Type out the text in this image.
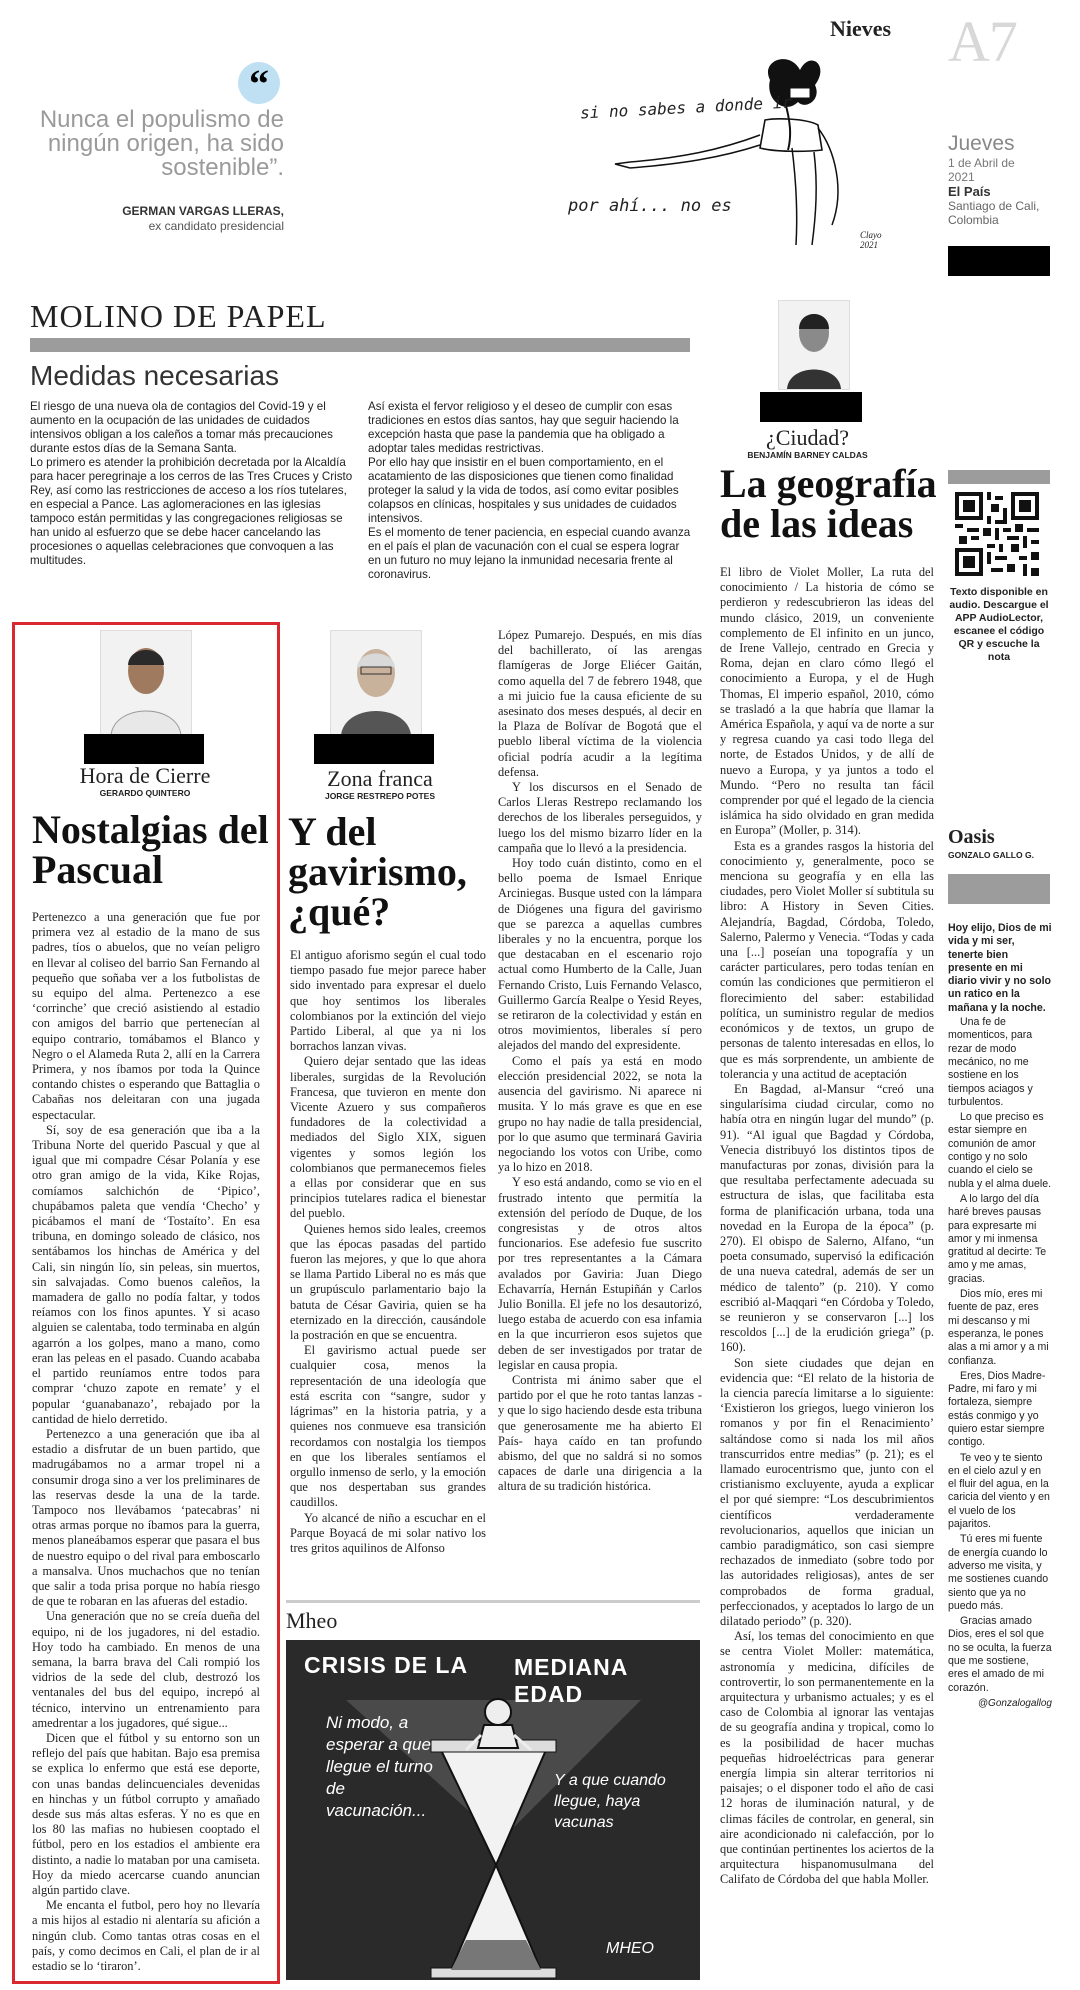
Nieves A7
Jueves
1 de Abril de 2021
El País
Santiago de Cali, Colombia
“
Nunca el populismo de ningún origen, ha sido sostenible”.
GERMAN VARGAS LLERAS,
ex candidato presidencial
si no sabes a donde ir
por ahí... no es
Clayo 2021
MOLINO DE PAPEL
Medidas necesarias
El riesgo de una nueva ola de contagios del Covid-19 y el aumento en la ocupación de las unidades de cuidados intensivos obligan a los caleños a tomar más precauciones durante estos días de la Semana Santa.
Lo primero es atender la prohibición decretada por la Alcaldía para hacer peregrinaje a los cerros de las Tres Cruces y Cristo Rey, así como las restricciones de acceso a los ríos tutelares, en especial a Pance. Las aglomeraciones en las iglesias tampoco están permitidas y las congregaciones religiosas se han unido al esfuerzo que se debe hacer cancelando las procesiones o aquellas celebraciones que convoquen a las multitudes.
Así exista el fervor religioso y el deseo de cumplir con esas tradiciones en estos días santos, hay que seguir haciendo la excepción hasta que pase la pandemia que ha obligado a adoptar tales medidas restrictivas.
Por ello hay que insistir en el buen comportamiento, en el acatamiento de las disposiciones que tienen como finalidad proteger la salud y la vida de todos, así como evitar posibles colapsos en clínicas, hospitales y sus unidades de cuidados intensivos.
Es el momento de tener paciencia, en especial cuando avanza en el país el plan de vacunación con el cual se espera lograr en un futuro no muy lejano la inmunidad necesaria frente al coronavirus.
¿Ciudad?
BENJAMÍN BARNEY CALDAS
La geografía de las ideas

El libro de Violet Moller, La ruta del conocimiento / La historia de cómo se perdieron y redescubrieron las ideas del mundo clásico, 2019, un conveniente complemento de El infinito en un junco, de Irene Vallejo, centrado en Grecia y Roma, dejan en claro cómo llegó el conocimiento a Europa, y el de Hugh Thomas, El imperio español, 2010, cómo se trasladó a la que habría que llamar la América Española, y aquí va de norte a sur y regresa cuando ya casi todo llega del norte, de Estados Unidos, y de allí de nuevo a Europa, y ya juntos a todo el Mundo. “Pero no resulta tan fácil comprender por qué el legado de la ciencia islámica ha sido olvidado en gran medida en Europa” (Moller, p. 314).

Esta es a grandes rasgos la historia del conocimiento y, generalmente, poco se menciona su geografía y en ella las ciudades, pero Violet Moller sí subtitula su libro: A History in Seven Cities. Alejandría, Bagdad, Córdoba, Toledo, Salerno, Palermo y Venecia. “Todas y cada una [...] poseían una topografía y un carácter particulares, pero todas tenían en común las condiciones que permitieron el florecimiento del saber: estabilidad política, un suministro regular de medios económicos y de textos, un grupo de personas de talento interesadas en ellos, lo que es más sorprendente, un ambiente de tolerancia y una actitud de aceptación

En Bagdad, al-Mansur “creó una singularísima ciudad circular, como no había otra en ningún lugar del mundo” (p. 91). “Al igual que Bagdad y Córdoba, Venecia distribuyó los distintos tipos de manufacturas por zonas, división para la que resultaba perfectamente adecuada su estructura de islas, que facilitaba esta forma de planificación urbana, toda una novedad en la Europa de la época” (p. 270). El obispo de Salerno, Alfano, “un poeta consumado, supervisó la edificación de una nueva catedral, además de ser un médico de talento” (p. 210). Y como escribió al-Maqqari “en Córdoba y Toledo, se reunieron y se conservaron [...] los rescoldos [...] de la erudición griega” (p. 160).

Son siete ciudades que dejan en evidencia que: “El relato de la historia de la ciencia parecía limitarse a lo siguiente: ‘Existieron los griegos, luego vinieron los romanos y por fin el Renacimiento’ saltándose como si nada los mil años transcurridos entre medias” (p. 21); es el llamado eurocentrismo que, junto con el cristianismo excluyente, ayuda a explicar el por qué siempre: “Los descubrimientos científicos verdaderamente revolucionarios, aquellos que inician un cambio paradigmático, son casi siempre rechazados de inmediato (sobre todo por las autoridades religiosas), antes de ser comprobados de forma gradual, perfeccionados, y aceptados lo largo de un dilatado periodo” (p. 320).

Así, los temas del conocimiento en que se centra Violet Moller: matemática, astronomía y medicina, difíciles de controvertir, lo son permanentemente en la arquitectura y urbanismo actuales; y es el caso de Colombia al ignorar las ventajas de su geografía andina y tropical, como lo es la posibilidad de hacer muchas pequeñas hidroeléctricas para generar energía limpia sin alterar territorios ni paisajes; o el disponer todo el año de casi 12 horas de iluminación natural, y de climas fáciles de controlar, en general, sin aire acondicionado ni calefacción, por lo que continúan pertinentes los aciertos de la arquitectura hispanomusulmana del Califato de Córdoba del que habla Moller.

Texto disponible en audio. Descargue el APP AudioLector, escanee el código QR y escuche la nota
Oasis
GONZALO GALLO G.
Hoy elijo, Dios de mi vida y mi ser, tenerte bien presente en mi diario vivir y no solo un ratico en la mañana y la noche.
Una fe de momenticos, para rezar de modo mecánico, no me sostiene en los tiempos aciagos y turbulentos.
Lo que preciso es estar siempre en comunión de amor contigo y no solo cuando el cielo se nubla y el alma duele.
A lo largo del día haré breves pausas para expresarte mi amor y mi inmensa gratitud al decirte: Te amo y me amas, gracias.
Dios mío, eres mi fuente de paz, eres mi descanso y mi esperanza, le pones alas a mi amor y a mi confianza.
Eres, Dios Madre-Padre, mi faro y mi fortaleza, siempre estás conmigo y yo quiero estar siempre contigo.
Te veo y te siento en el cielo azul y en el fluir del agua, en la caricia del viento y en el vuelo de los pajaritos.
Tú eres mi fuente de energía cuando lo adverso me visita, y me sostienes cuando siento que ya no puedo más.
Gracias amado Dios, eres el sol que no se oculta, la fuerza que me sostiene, eres el amado de mi corazón.
@Gonzalogallog
Hora de Cierre
GERARDO QUINTERO
Nostalgias del Pascual

Pertenezco a una generación que fue por primera vez al estadio de la mano de sus padres, tíos o abuelos, que no veían peligro en llevar al coliseo del barrio San Fernando al pequeño que soñaba ver a los futbolistas de su equipo del alma. Pertenezco a ese ‘corrinche’ que creció asistiendo al estadio con amigos del barrio que pertenecían al equipo contrario, tomábamos el Blanco y Negro o el Alameda Ruta 2, allí en la Carrera Primera, y nos íbamos por toda la Quince contando chistes o esperando que Battaglia o Cabañas nos deleitaran con una jugada espectacular.

Sí, soy de esa generación que iba a la Tribuna Norte del querido Pascual y que al igual que mi compadre César Polanía y ese otro gran amigo de la vida, Kike Rojas, comíamos salchichón de ‘Pipico’, chupábamos paleta que vendía ‘Checho’ y picábamos el maní de ‘Tostaíto’. En esa tribuna, en domingo soleado de clásico, nos sentábamos los hinchas de América y del Cali, sin ningún lío, sin peleas, sin muertos, sin salvajadas. Como buenos caleños, la mamadera de gallo no podía faltar, y todos reíamos con los finos apuntes. Y si acaso alguien se calentaba, todo terminaba en algún agarrón a los golpes, mano a mano, como eran las peleas en el pasado. Cuando acababa el partido reuníamos entre todos para comprar ‘chuzo zapote en remate’ y el popular ‘guanabanazo’, rebajado por la cantidad de hielo derretido.

Pertenezco a una generación que iba al estadio a disfrutar de un buen partido, que madrugábamos no a armar tropel ni a consumir droga sino a ver los preliminares de las reservas desde la una de la tarde. Tampoco nos llevábamos ‘patecabras’ ni otras armas porque no íbamos para la guerra, menos planeábamos esperar que pasara el bus de nuestro equipo o del rival para emboscarlo a mansalva. Unos muchachos que no tenían que salir a toda prisa porque no había riesgo de que te robaran en las afueras del estadio.

Una generación que no se creía dueña del equipo, ni de los jugadores, ni del estadio. Hoy todo ha cambiado. En menos de una semana, la barra brava del Cali rompió los vidrios de la sede del club, destrozó los ventanales del bus del equipo, increpó al técnico, intervino un entrenamiento para amedrentar a los jugadores, qué sigue...

Dicen que el fútbol y su entorno son un reflejo del país que habitan. Bajo esa premisa se explica lo enfermo que está ese deporte, con unas bandas delincuenciales devenidas en hinchas y un fútbol corrupto y amañado desde sus más altas esferas. Y no es que en los 80 las mafias no hubiesen cooptado el fútbol, pero en los estadios el ambiente era distinto, a nadie lo mataban por una camiseta. Hoy da miedo acercarse cuando anuncian algún partido clave.

Me encanta el futbol, pero hoy no llevaría a mis hijos al estadio ni alentaría su afición a ningún club. Como tantas otras cosas en el país, y como decimos en Cali, el plan de ir al estadio se lo ‘tiraron’.

Zona franca
JORGE RESTREPO POTES
Y del gavirismo, ¿qué?

El antiguo aforismo según el cual todo tiempo pasado fue mejor parece haber sido inventado para expresar el duelo que hoy sentimos los liberales colombianos por la extinción del viejo Partido Liberal, al que ya ni los borrachos lanzan vivas.

Quiero dejar sentado que las ideas liberales, surgidas de la Revolución Francesa, que tuvieron en mente don Vicente Azuero y sus compañeros fundadores de la colectividad a mediados del Siglo XIX, siguen vigentes y somos legión los colombianos que permanecemos fieles a ellas por considerar que en sus principios tutelares radica el bienestar del pueblo.

Quienes hemos sido leales, creemos que las épocas pasadas del partido fueron las mejores, y que lo que ahora se llama Partido Liberal no es más que un grupúsculo parlamentario bajo la batuta de César Gaviria, quien se ha eternizado en la dirección, causándole la postración en que se encuentra.

El gavirismo actual puede ser cualquier cosa, menos la representación de una ideología que está escrita con “sangre, sudor y lágrimas” en la historia patria, y a quienes nos conmueve esa transición recordamos con nostalgia los tiempos en que los liberales sentíamos el orgullo inmenso de serlo, y la emoción que nos despertaban sus grandes caudillos.

Yo alcancé de niño a escuchar en el Parque Boyacá de mi solar nativo los tres gritos aquilinos de Alfonso

López Pumarejo. Después, en mis días del bachillerato, oí las arengas flamígeras de Jorge Eliécer Gaitán, como aquella del 7 de febrero 1948, que a mi juicio fue la causa eficiente de su asesinato dos meses después, al decir en la Plaza de Bolívar de Bogotá que el pueblo liberal víctima de la violencia oficial podría acudir a la legítima defensa.

Y los discursos en el Senado de Carlos Lleras Restrepo reclamando los derechos de los liberales perseguidos, y luego los del mismo bizarro líder en la campaña que lo llevó a la presidencia.

Hoy todo cuán distinto, como en el bello poema de Ismael Enrique Arciniegas. Busque usted con la lámpara de Diógenes una figura del gavirismo que se parezca a aquellas cumbres liberales y no la encuentra, porque los que destacaban en el escenario rojo actual como Humberto de la Calle, Juan Fernando Cristo, Luis Fernando Velasco, Guillermo García Realpe o Yesid Reyes, se retiraron de la colectividad y están en otros movimientos, liberales sí pero alejados del mando del expresidente.

Como el país ya está en modo elección presidencial 2022, se nota la ausencia del gavirismo. Ni aparece ni musita. Y lo más grave es que en ese grupo no hay nadie de talla presidencial, por lo que asumo que terminará Gaviria negociando los votos con Uribe, como ya lo hizo en 2018.

Y eso está andando, como se vio en el frustrado intento que permitía la extensión del período de Duque, de los congresistas y de otros altos funcionarios. Ese adefesio fue suscrito por tres representantes a la Cámara avalados por Gaviria: Juan Diego Echavarría, Hernán Estupiñán y Carlos Julio Bonilla. El jefe no los desautorizó, luego estaba de acuerdo con esa infamia en la que incurrieron esos sujetos que deben de ser investigados por tratar de legislar en causa propia.

Contrista mi ánimo saber que el partido por el que he roto tantas lanzas -y que lo sigo haciendo desde esta tribuna que generosamente me ha abierto El País- haya caído en tan profundo abismo, del que no saldrá si no somos capaces de darle una dirigencia a la altura de su tradición histórica.

Mheo
CRISIS DE LA MEDIANA EDAD
Ni modo, a esperar a que llegue el turno de vacunación...
Y a que cuando llegue, haya vacunas
MHEO
